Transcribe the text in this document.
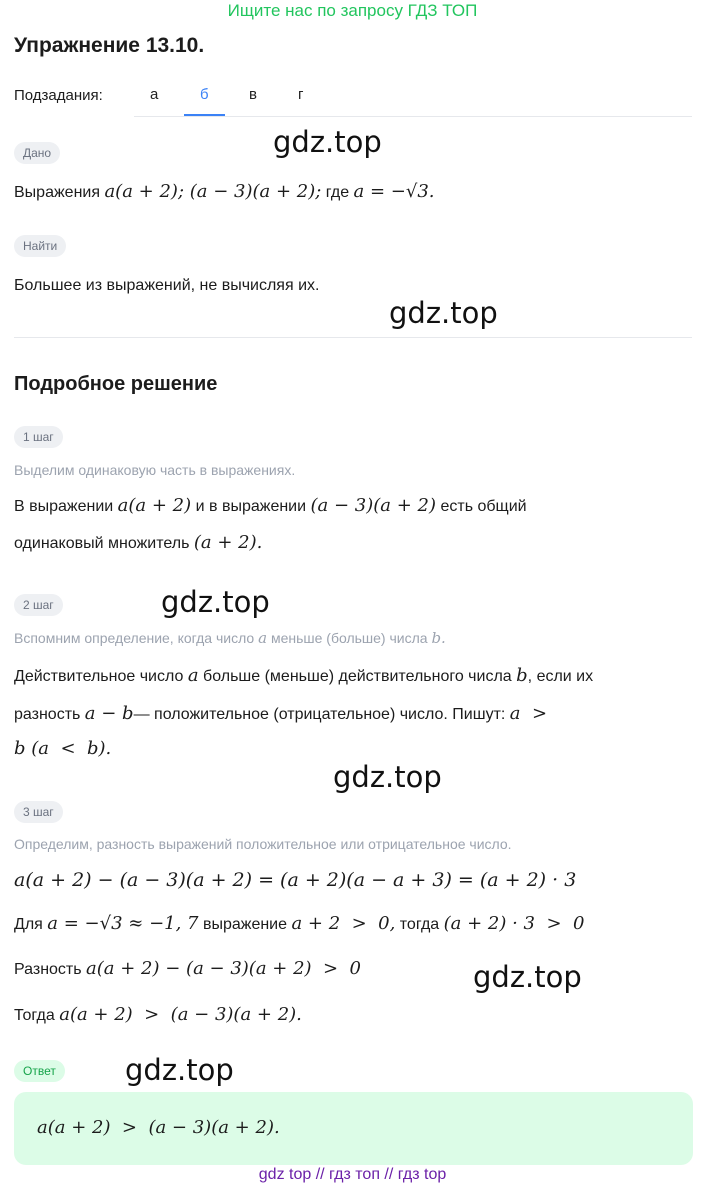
Ищите нас по запросу ГДЗ ТОП
Упражнение 13.10.
Подзадания:	а	б	в	г
gdz.top
Дано
Выражения a(a + 2); (a − 3)(a + 2); где a = −√3.
Найти
Большее из выражений, не вычисляя их.
gdz.top
Подробное решение
1 шаг
Выделим одинаковую часть в выражениях.
В выражении a(a + 2) и в выражении (a − 3)(a + 2) есть общий
одинаковый множитель (a + 2).
2 шаг	gdz.top
Вспомним определение, когда число a меньше (больше) числа b.
Действительное число a больше (меньше) действительного числа b, если их
разность a − b— положительное (отрицательное) число. Пишут: a  >
b (a  <  b).
gdz.top
3 шаг
Определим, разность выражений положительное или отрицательное число.
a(a + 2) − (a − 3)(a + 2) = (a + 2)(a − a + 3) = (a + 2) · 3
Для a = −√3 ≈ −1, 7 выражение a + 2  >  0, тогда (a + 2) · 3  >  0
Разность a(a + 2) − (a − 3)(a + 2)  >  0	gdz.top
Тогда a(a + 2)  >  (a − 3)(a + 2).
Ответ	gdz.top
a(a + 2)  >  (a − 3)(a + 2).
gdz top // гдз топ // гдз top
